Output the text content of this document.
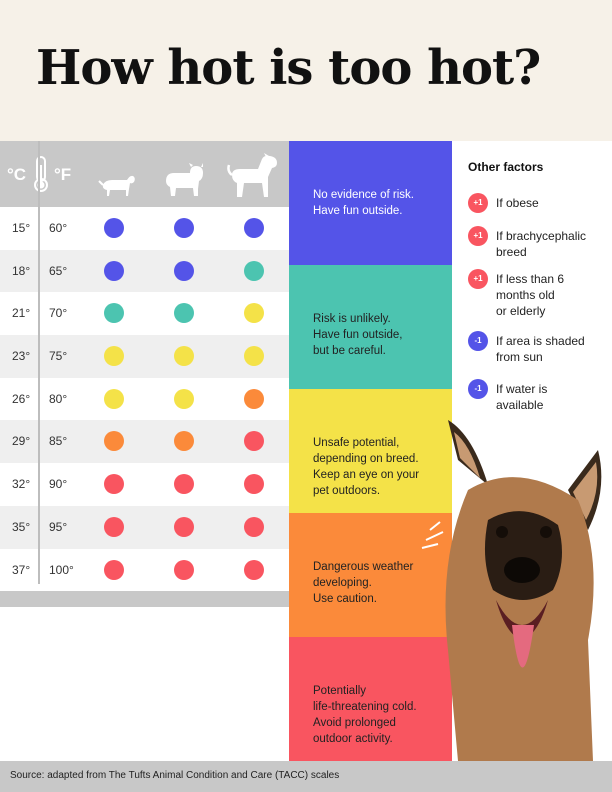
How hot is too hot?
°C °F
15° 60°
18° 65°
21° 70°
23° 75°
26° 80°
29° 85°
32° 90°
35° 95°
37° 100°
No evidence of risk.
Have fun outside.
Risk is unlikely.
Have fun outside,
but be careful.
Unsafe potential,
depending on breed.
Keep an eye on your
pet outdoors.
Dangerous weather
developing.
Use caution.
Potentially
life-threatening cold.
Avoid prolonged
outdoor activity.
Other factors
+1	If obese
+1	If brachycephalic
breed
+1	If less than 6
months old
or elderly
-1	If area is shaded
from sun
-1	If water is
available
Source: adapted from The Tufts Animal Condition and Care (TACC) scales
